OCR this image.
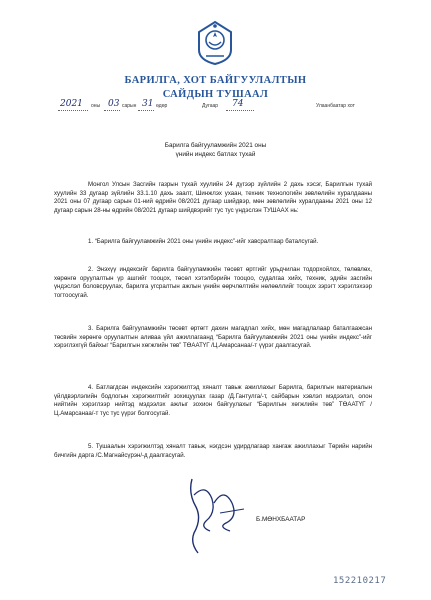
БАРИЛГА, ХОТ БАЙГУУЛАЛТЫН
САЙДЫН ТУШААЛ
2021 оны 03 сарын 31 өдөр	Дугаар 74	Улаанбаатар хот
Барилга байгууламжийн 2021 оны
үнийн индекс батлах тухай
Монгол Улсын Засгийн газрын тухай хуулийн 24 дүгээр зүйлийн 2 дахь хэсэг, Барилгын тухай хуулийн 33 дугаар зүйлийн 33.1.10 дахь заалт, Шинжлэх ухаан, техник технологийн зөвлөлийн хуралдааны 2021 оны 07 дугаар сарын 01-ний өдрийн 08/2021 дугаар шийдвэр, мөн зөвлөлийн хуралдааны 2021 оны 12 дугаар сарын 28-ны өдрийн 08/2021 дугаар шийдвэрийг тус тус үндэслэн ТУШААХ нь:
1. “Барилга байгууламжийн 2021 оны үнийн индекс”-ийг хавсралтаар баталсугай.
2. Энэхүү индексийг барилга байгууламжийн төсөвт өртгийг урьдчилан тодорхойлох, төлөвлөх, хөрөнгө оруулалтын үр ашгийг тооцох, төсөл хэтэлбэрийн тооцоо, судалгаа хийх, техник, эдийн засгийн үндэслэл боловсруулах, барилга угсралтын ажлын үнийн өөрчлөлтийн нөлөөллийг тооцох зэрэгт хэрэглэхээр тогтоосугай.
3. Барилга байгууламжийн төсөвт өртөгт дахин магадлал хийх, мөн магадлалаар баталгаажсан төсвийн хөрөнгө оруулалтын аливаа үйл ажиллагаанд “Барилга байгууламжийн 2021 оны үнийн индекс”-ийг хэрэглэхгүй байхыг “Барилгын хөгжлийн төв” ТӨААТҮГ /Ц.Амарсанаа/-т үүрэг даалгасугай.
4. Батлагдсан индексийн хэрэгжилтэд хяналт тавьж ажиллахыг Барилга, барилгын материалын үйлдвэрлэлийн бодлогын хэрэгжилтийг зохицуулах газар /Д.Гантулга/-т, сайбарын хэвлэл мэдээлэл, олон нийтийн хэрэглээр нийтэд мэдээлэх ажлыг зохион байгуулахыг “Барилгын хөгжлийн төв” ТӨААТҮГ /Ц.Амарсанаа/-т тус тус үүрэг болгосугай.
5. Тушаалын хэрэгжилтэд хяналт тавьж, нэгдсэн удирдлагаар хангаж ажиллахыг Төрийн нарийн бичгийн дарга /С.Магнайсүрэн/-д даалгасугай.
Б.МӨНХБААТАР
152210217
